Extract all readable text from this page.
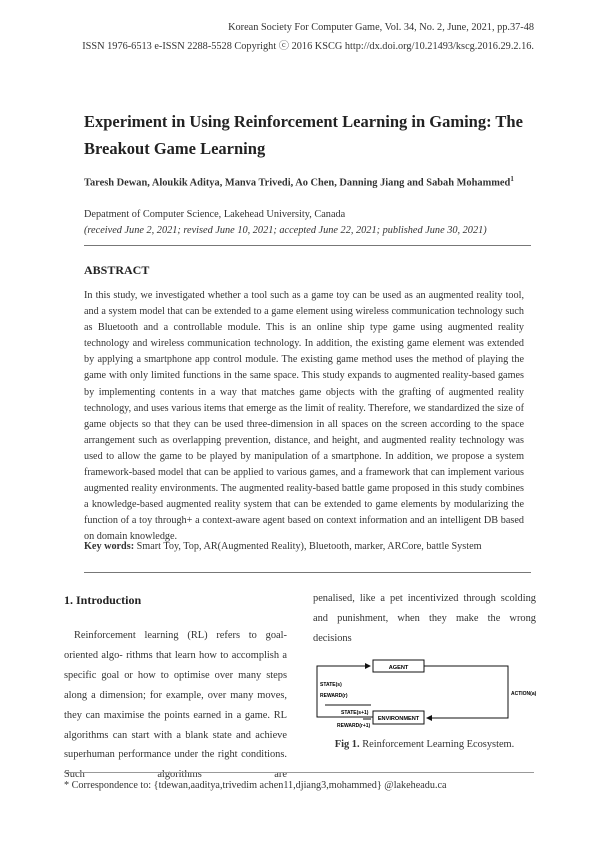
Korean Society For Computer Game, Vol. 34, No. 2, June, 2021, pp.37-48
ISSN 1976-6513 e-ISSN 2288-5528 Copyright ⓒ 2016 KSCG http://dx.doi.org/10.21493/kscg.2016.29.2.16.
Experiment in Using Reinforcement Learning in Gaming: The
Breakout Game Learning
Taresh Dewan, Aloukik Aditya, Manva Trivedi, Ao Chen, Danning Jiang and Sabah Mohammed$^1$
Depatment of Computer Science, Lakehead University, Canada
(received June 2, 2021; revised June 10, 2021; accepted June 22, 2021; published June 30, 2021)
ABSTRACT
In this study, we investigated whether a tool such as a game toy can be used as an augmented reality tool, and a system model that can be extended to a game element using wireless communication technology such as Bluetooth and a controllable module. This is an online ship type game using augmented reality technology and wireless communication technology. In addition, the existing game element was extended by applying a smartphone app control module. The existing game method uses the method of playing the game with only limited functions in the same space. This study expands to augmented reality-based games by implementing contents in a way that matches game objects with the grafting of augmented reality technology, and uses various items that emerge as the limit of reality. Therefore, we standardized the size of game objects so that they can be used three-dimension in all spaces on the screen according to the space arrangement such as overlapping prevention, distance, and height, and augmented reality technology was used to allow the game to be played by manipulation of a smartphone. In addition, we propose a system framework-based model that can be applied to various games, and a framework that can implement various augmented reality environments. The augmented reality-based battle game proposed in this study combines a knowledge-based augmented reality system that can be extended to game elements by modularizing the function of a toy through+ a context-aware agent based on context information and an intelligent DB based on domain knowledge.
Key words: Smart Toy, Top, AR(Augmented Reality), Bluetooth, marker, ARCore, battle System
1. Introduction

Reinforcement learning (RL) refers to goal-oriented algo- rithms that learn how to accomplish a specific goal or how to optimise over many steps along a dimension; for example, over many moves, they can maximise the points earned in a game. RL algorithms can start with a blank state and achieve superhuman performance under the right conditions. Such algorithms are

penalised, like a pet incentivized through scolding and punishment, when they make the wrong decisions

AGENT
ENVIRONMENT
STATE(s)
REWARD(r)
STATE(s+1)
REWARD(r+1)
ACTION(a)
Fig 1. Reinforcement Learning Ecosystem.
* Correspondence to: {tdewan,aaditya,trivedim achen11,djiang3,mohammed} @lakeheadu.ca
